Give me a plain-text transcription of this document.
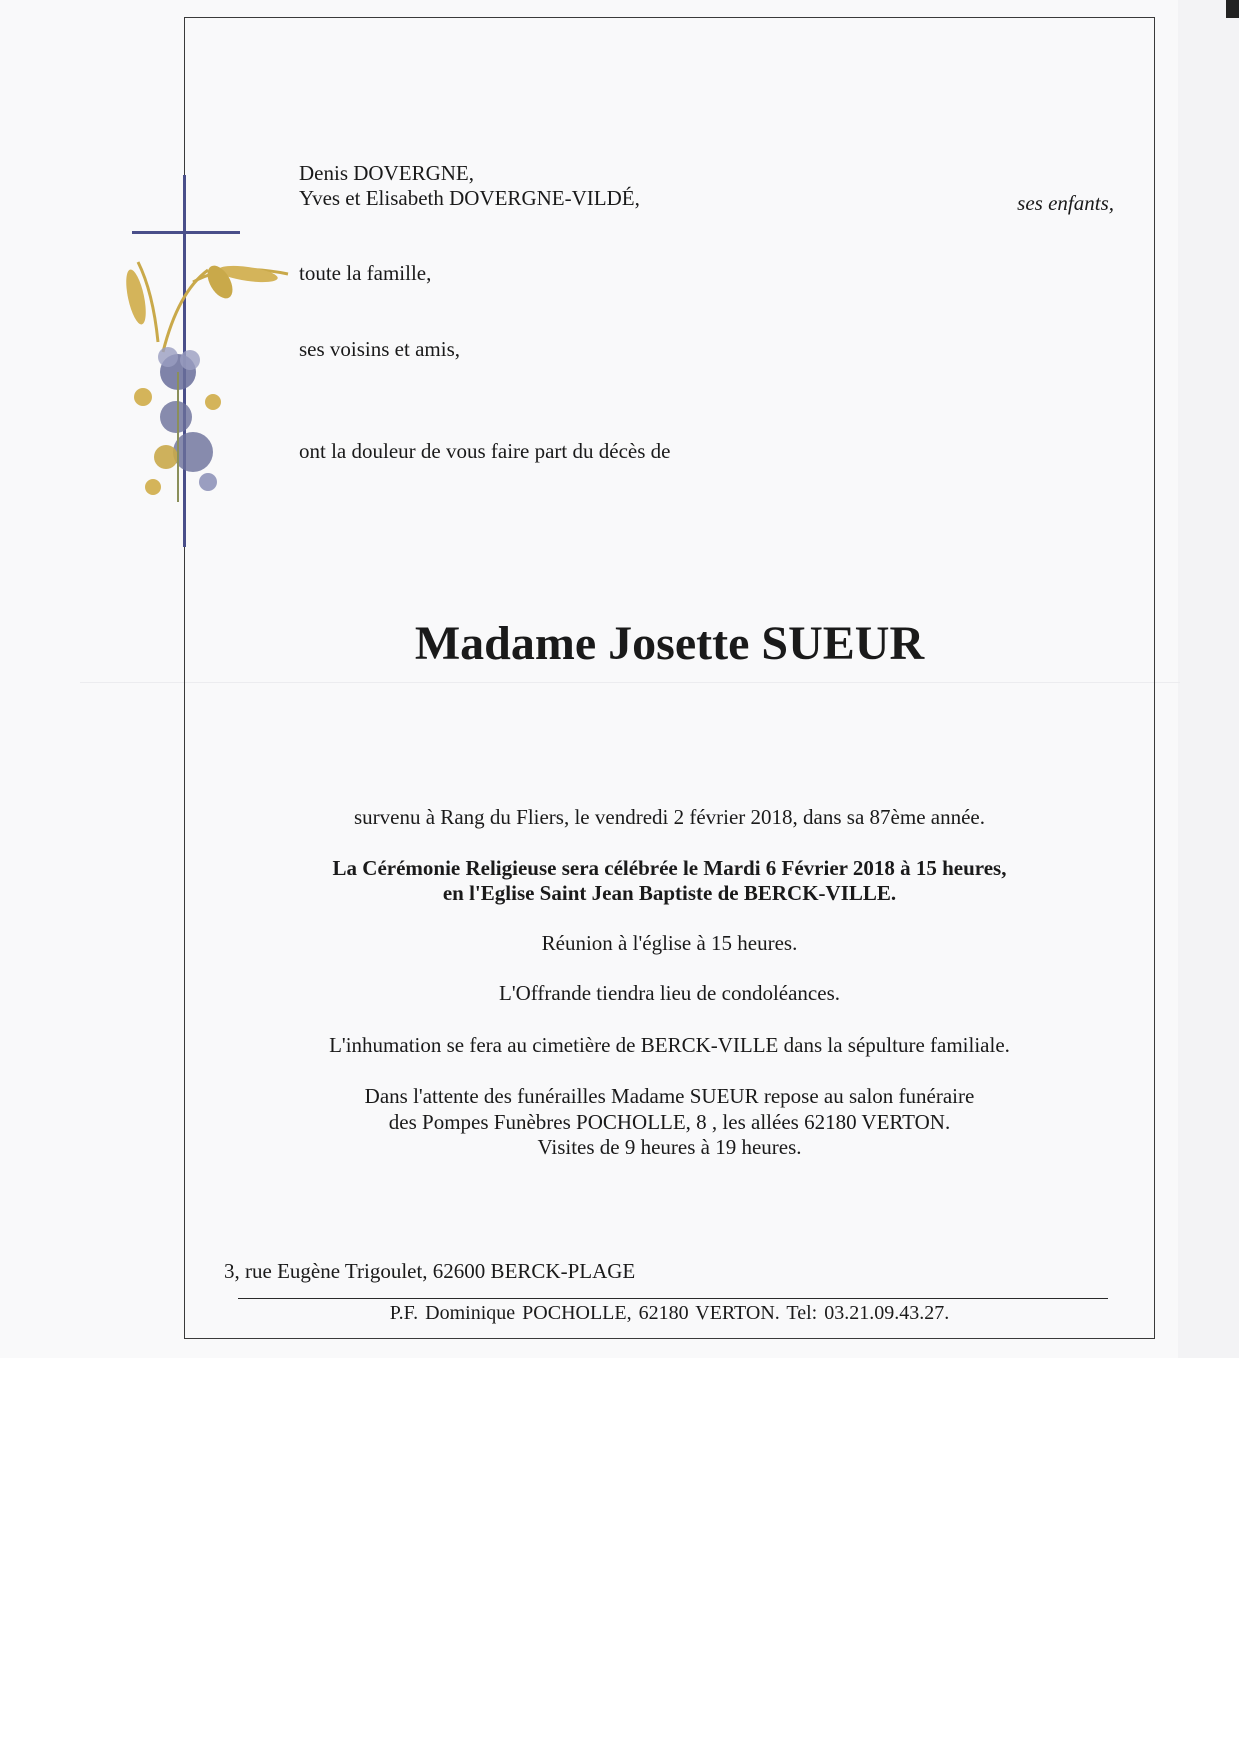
Denis DOVERGNE,
Yves et Elisabeth DOVERGNE-VILDÉ,	ses enfants,
toute la famille,
ses voisins et amis,
ont la douleur de vous faire part du décès de
Madame Josette SUEUR
survenu à Rang du Fliers, le vendredi 2 février 2018, dans sa 87ème année.
La Cérémonie Religieuse sera célébrée le Mardi 6 Février 2018 à 15 heures,
en l'Eglise Saint Jean Baptiste de BERCK-VILLE.
Réunion à l'église à 15 heures.
L'Offrande tiendra lieu de condoléances.
L'inhumation se fera au cimetière de BERCK-VILLE dans la sépulture familiale.
Dans l'attente des funérailles Madame SUEUR repose au salon funéraire
des Pompes Funèbres POCHOLLE, 8 , les allées 62180 VERTON.
Visites de 9 heures à 19 heures.
3, rue Eugène Trigoulet, 62600 BERCK-PLAGE
P.F. Dominique POCHOLLE, 62180 VERTON. Tel: 03.21.09.43.27.
